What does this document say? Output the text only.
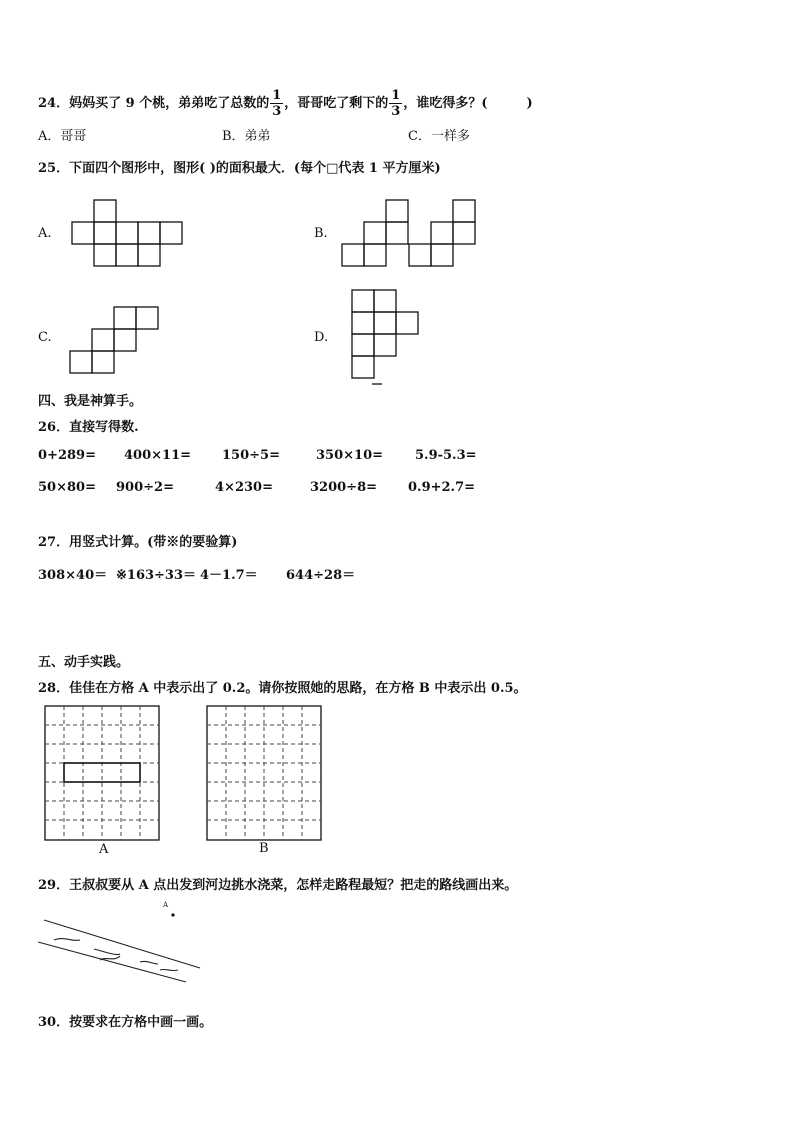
24．妈妈买了 9 个桃，弟弟吃了总数的 $\frac{1}{3}$ ，哥哥吃了剩下的 $\frac{1}{3}$ ，谁吃得多？(　　　)
A．哥哥	B．弟弟	C．一样多
25．下面四个图形中，图形( )的面积最大．(每个□代表 1 平方厘米)
A.	B.
C.	D.
四、我是神算手。
26．直接写得数.
0+289= 400×11= 150÷5=	350×10= 5.9-5.3=
50×80= 900÷2=	4×230=	3200÷8= 0.9+2.7=
27．用竖式计算。(带※的要验算)
308×40＝ ※163÷33＝ 4－1.7＝ 644÷28＝
五、动手实践。
28．佳佳在方格 A 中表示出了 0.2。请你按照她的思路，在方格 B 中表示出 0.5。
A	B
29．王叔叔要从 A 点出发到河边挑水浇菜，怎样走路程最短？把走的路线画出来。
A
30．按要求在方格中画一画。
